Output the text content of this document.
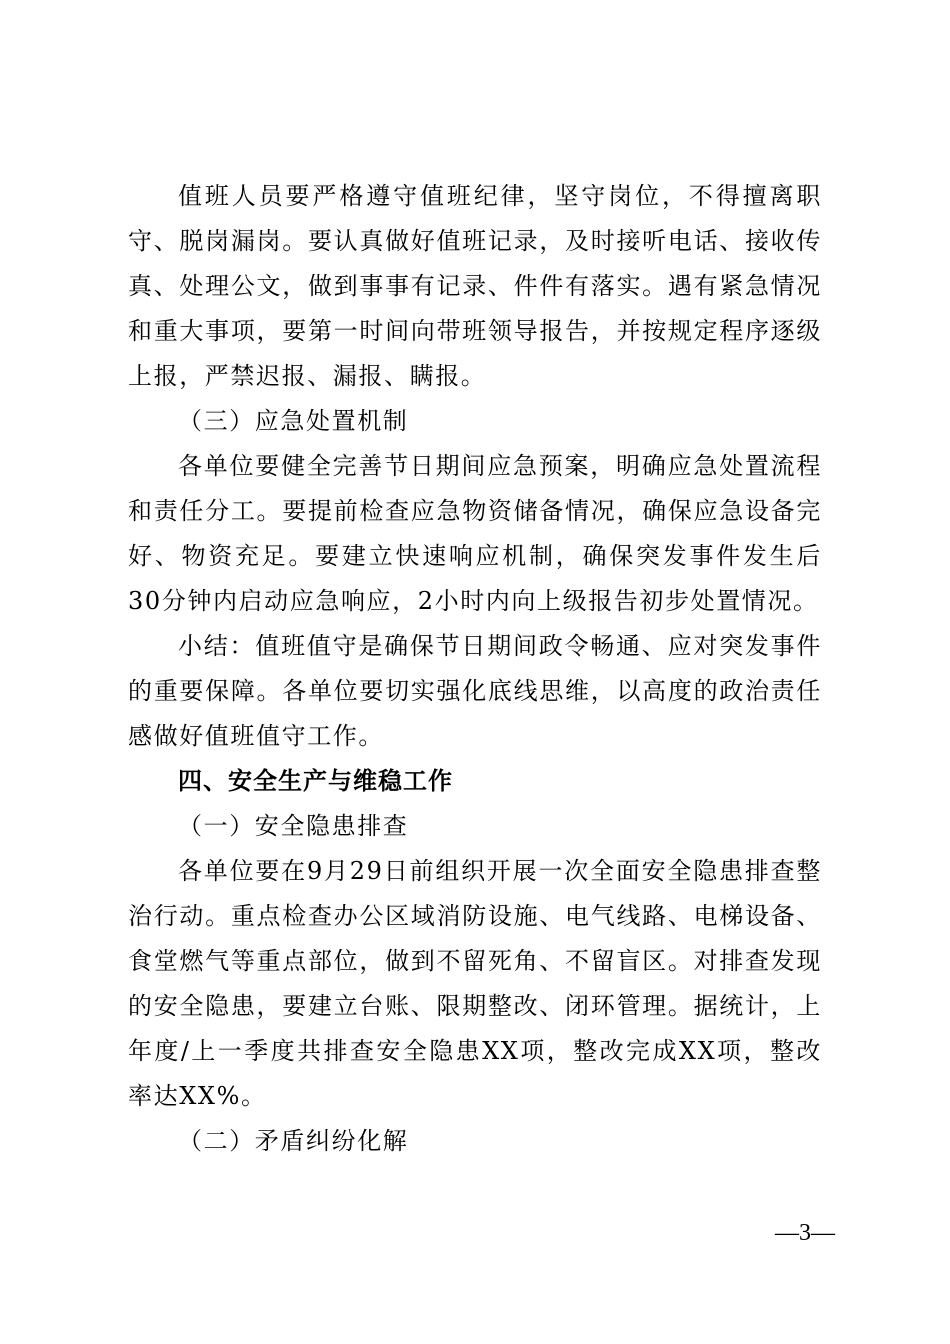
值班人员要严格遵守值班纪律，坚守岗位，不得擅离职守、脱岗漏岗。要认真做好值班记录，及时接听电话、接收传真、处理公文，做到事事有记录、件件有落实。遇有紧急情况和重大事项，要第一时间向带班领导报告，并按规定程序逐级上报，严禁迟报、漏报、瞒报。

（三）应急处置机制

各单位要健全完善节日期间应急预案，明确应急处置流程和责任分工。要提前检查应急物资储备情况，确保应急设备完好、物资充足。要建立快速响应机制，确保突发事件发生后30分钟内启动应急响应，2小时内向上级报告初步处置情况。

小结：值班值守是确保节日期间政令畅通、应对突发事件的重要保障。各单位要切实强化底线思维，以高度的政治责任感做好值班值守工作。

四、安全生产与维稳工作

（一）安全隐患排查

各单位要在9月29日前组织开展一次全面安全隐患排查整治行动。重点检查办公区域消防设施、电气线路、电梯设备、食堂燃气等重点部位，做到不留死角、不留盲区。对排查发现的安全隐患，要建立台账、限期整改、闭环管理。据统计，上年度/上一季度共排查安全隐患XX项，整改完成XX项，整改率达XX%。

（二）矛盾纠纷化解

—3—
